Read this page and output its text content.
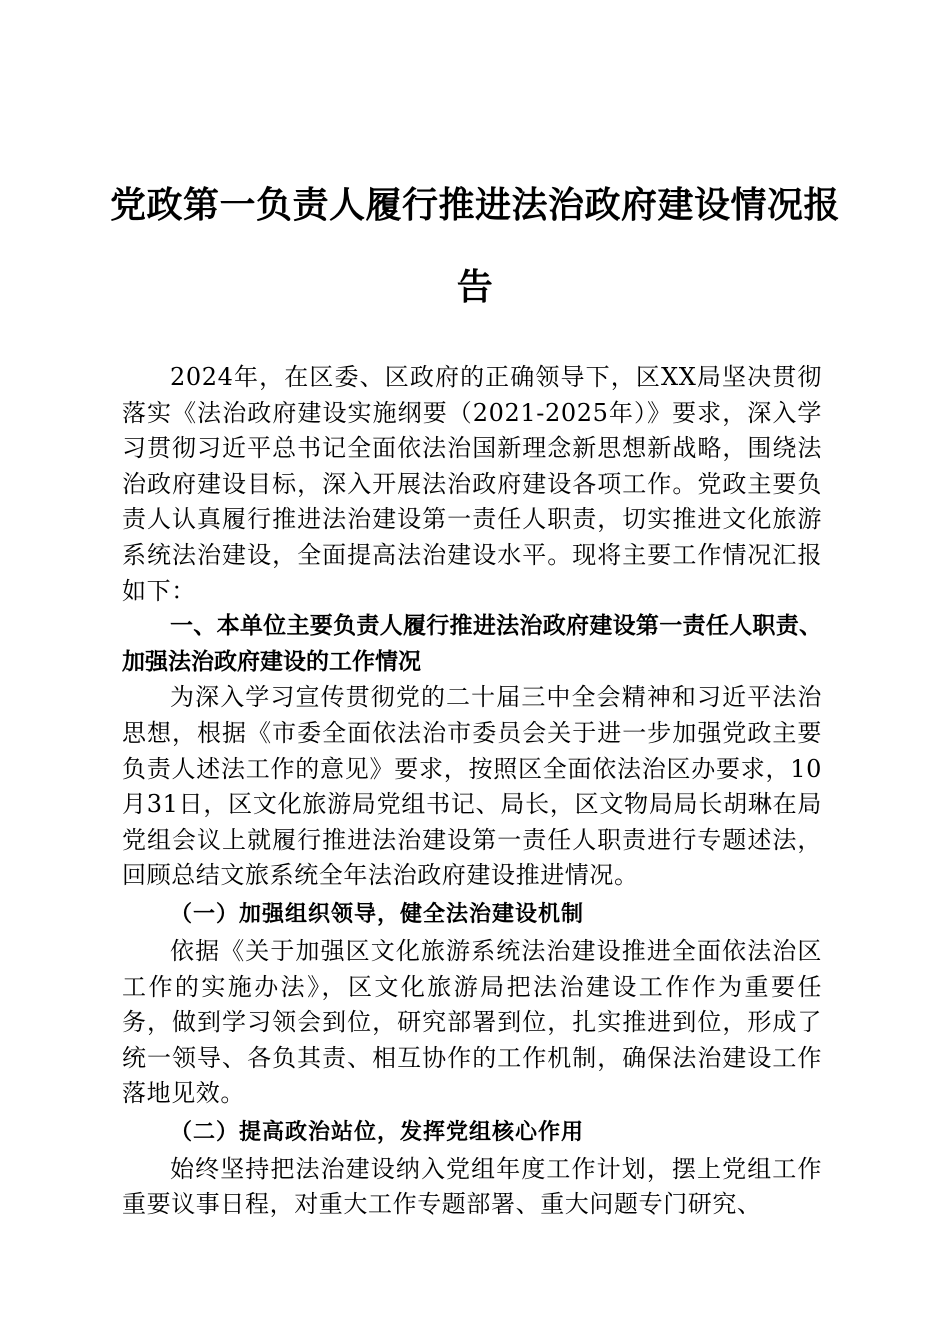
党政第一负责人履行推进法治政府建设情况报告

2024年，在区委、区政府的正确领导下，区XX局坚决贯彻落实《法治政府建设实施纲要（2021-2025年）》要求，深入学习贯彻习近平总书记全面依法治国新理念新思想新战略，围绕法治政府建设目标，深入开展法治政府建设各项工作。党政主要负责人认真履行推进法治建设第一责任人职责，切实推进文化旅游系统法治建设，全面提高法治建设水平。现将主要工作情况汇报如下：

一、本单位主要负责人履行推进法治政府建设第一责任人职责、加强法治政府建设的工作情况

为深入学习宣传贯彻党的二十届三中全会精神和习近平法治思想，根据《市委全面依法治市委员会关于进一步加强党政主要负责人述法工作的意见》要求，按照区全面依法治区办要求，10月31日，区文化旅游局党组书记、局长，区文物局局长胡琳在局党组会议上就履行推进法治建设第一责任人职责进行专题述法，回顾总结文旅系统全年法治政府建设推进情况。

（一）加强组织领导，健全法治建设机制

依据《关于加强区文化旅游系统法治建设推进全面依法治区工作的实施办法》，区文化旅游局把法治建设工作作为重要任务，做到学习领会到位，研究部署到位，扎实推进到位，形成了统一领导、各负其责、相互协作的工作机制，确保法治建设工作落地见效。

（二）提高政治站位，发挥党组核心作用

始终坚持把法治建设纳入党组年度工作计划，摆上党组工作重要议事日程，对重大工作专题部署、重大问题专门研究、
